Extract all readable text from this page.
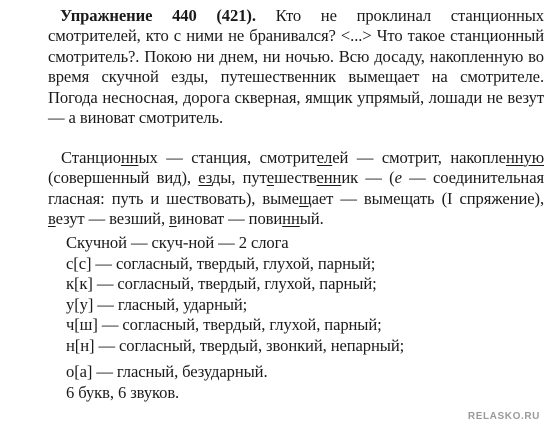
Упражнение 440 (421). Кто не проклинал станционных смотрителей, кто с ними не бранивался? <...> Что такое станционный смотритель?. Покою ни днем, ни ночью. Всю досаду, накопленную во время скучной езды, путешественник вымещает на смотрителе. Погода несносная, дорога скверная, ямщик упрямый, лошади не везут — а виноват смотритель.

Станционных — станция, смотрителей — смотрит, накопленную (совершенный вид), езды, путешественник — (е — соединительная гласная: путь и шествовать), вымещает — вымещать (I спряжение), везут — везший, виноват — повинный.

Скучной — скуч-ной — 2 слога
с[с] — согласный, твердый, глухой, парный;
к[к] — согласный, твердый, глухой, парный;
у[у] — гласный, ударный;
ч[ш] — согласный, твердый, глухой, парный;
н[н] — согласный, твердый, звонкий, непарный;
о[а] — гласный, безударный.
6 букв, 6 звуков.
RELASKO.RU
